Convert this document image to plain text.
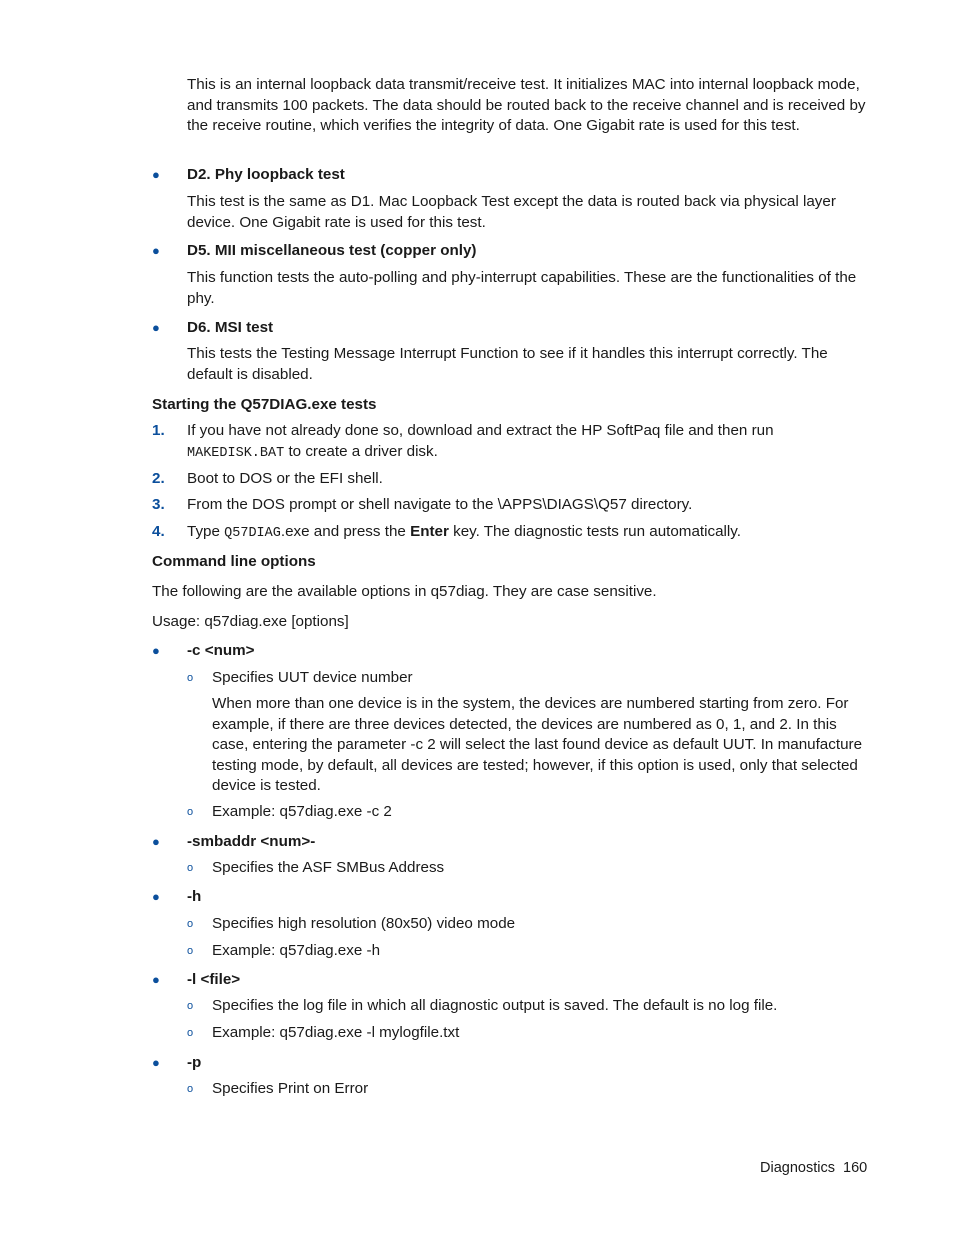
This is an internal loopback data transmit/receive test. It initializes MAC into internal loopback mode, and transmits 100 packets. The data should be routed back to the receive channel and is received by the receive routine, which verifies the integrity of data. One Gigabit rate is used for this test.

● D2. Phy loopback test

This test is the same as D1. Mac Loopback Test except the data is routed back via physical layer device. One Gigabit rate is used for this test.

● D5. MII miscellaneous test (copper only)

This function tests the auto-polling and phy-interrupt capabilities. These are the functionalities of the phy.

● D6. MSI test

This tests the Testing Message Interrupt Function to see if it handles this interrupt correctly. The default is disabled.

Starting the Q57DIAG.exe tests
1. If you have not already done so, download and extract the HP SoftPaq file and then run
MAKEDISK.BAT to create a driver disk.

2. Boot to DOS or the EFI shell.
3. From the DOS prompt or shell navigate to the \APPS\DIAGS\Q57 directory.
4. Type Q57DIAG.exe and press the Enter key. The diagnostic tests run automatically.

Command line options

The following are the available options in q57diag. They are case sensitive.

Usage: q57diag.exe [options]

● -c <num>
o Specifies UUT device number

When more than one device is in the system, the devices are numbered starting from zero. For example, if there are three devices detected, the devices are numbered as 0, 1, and 2. In this case, entering the parameter -c 2 will select the last found device as default UUT. In manufacture testing mode, by default, all devices are tested; however, if this option is used, only that selected device is tested.

o Example: q57diag.exe -c 2
● -smbaddr <num>-
o Specifies the ASF SMBus Address
● -h
o Specifies high resolution (80x50) video mode
o Example: q57diag.exe -h
● -l <file>
o Specifies the log file in which all diagnostic output is saved. The default is no log file.
o Example: q57diag.exe -l mylogfile.txt
● -p
o Specifies Print on Error
Diagnostics 160
